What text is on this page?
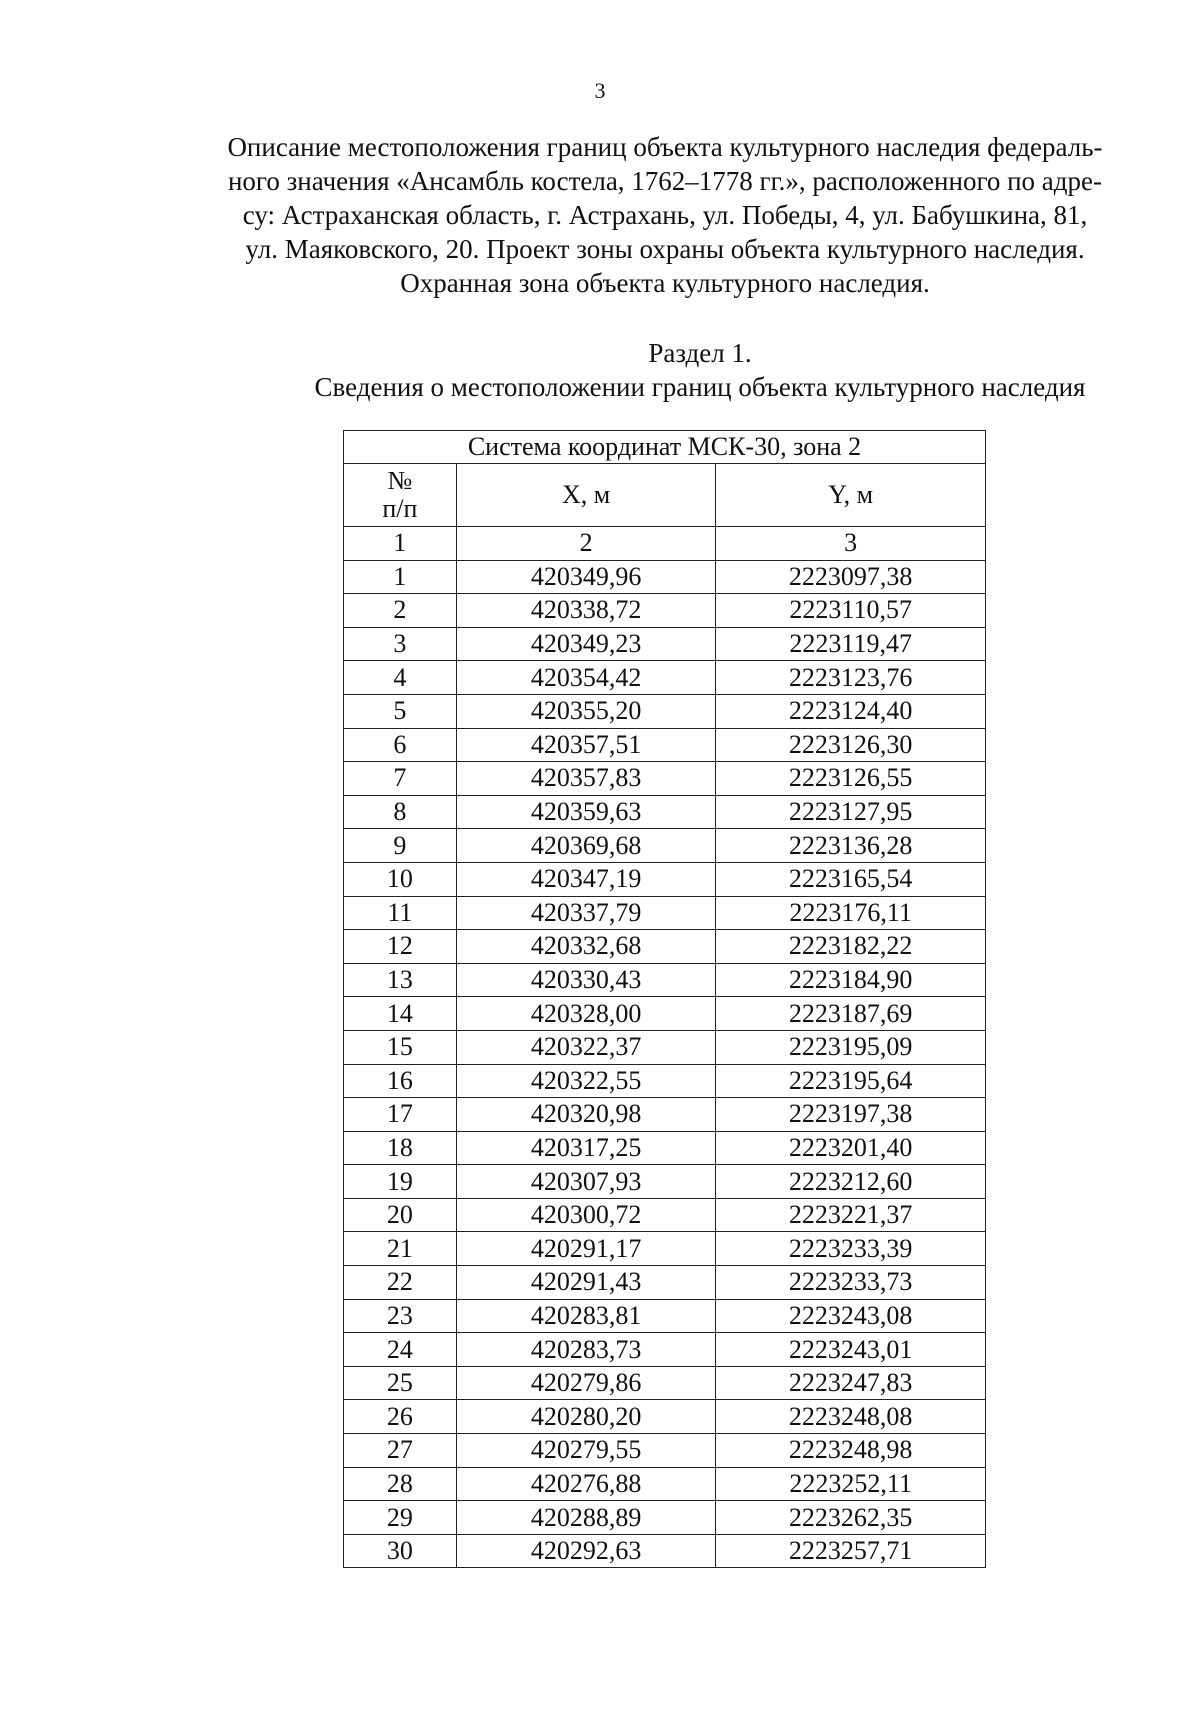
3
Описание местоположения границ объекта культурного наследия федераль-
ного значения «Ансамбль костела, 1762–1778 гг.», расположенного по адре-
су: Астраханская область, г. Астрахань, ул. Победы, 4, ул. Бабушкина, 81,
ул. Маяковского, 20. Проект зоны охраны объекта культурного наследия.
Охранная зона объекта культурного наследия.
Раздел 1.
Сведения о местоположении границ объекта культурного наследия
Система координат МСК-30, зона 2		
№
п/п	X, м	Y, м
1	2	3
1	420349,96	2223097,38
2	420338,72	2223110,57
3	420349,23	2223119,47
4	420354,42	2223123,76
5	420355,20	2223124,40
6	420357,51	2223126,30
7	420357,83	2223126,55
8	420359,63	2223127,95
9	420369,68	2223136,28
10	420347,19	2223165,54
11	420337,79	2223176,11
12	420332,68	2223182,22
13	420330,43	2223184,90
14	420328,00	2223187,69
15	420322,37	2223195,09
16	420322,55	2223195,64
17	420320,98	2223197,38
18	420317,25	2223201,40
19	420307,93	2223212,60
20	420300,72	2223221,37
21	420291,17	2223233,39
22	420291,43	2223233,73
23	420283,81	2223243,08
24	420283,73	2223243,01
25	420279,86	2223247,83
26	420280,20	2223248,08
27	420279,55	2223248,98
28	420276,88	2223252,11
29	420288,89	2223262,35
30	420292,63	2223257,71
